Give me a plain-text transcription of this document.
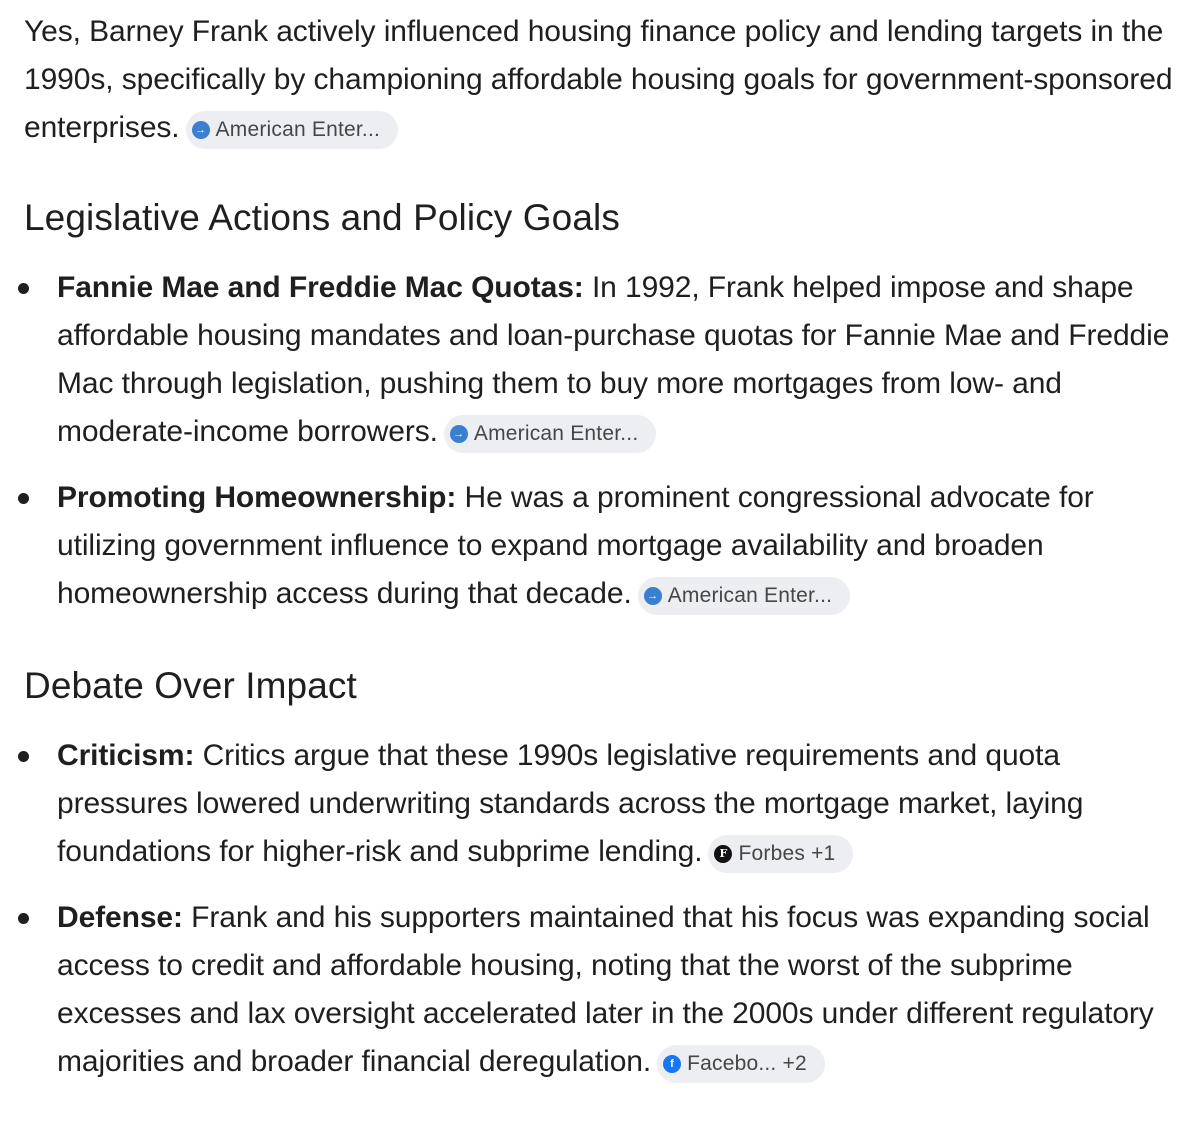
Yes, Barney Frank actively influenced housing finance policy and lending targets in the 1990s, specifically by championing affordable housing goals for government-sponsored enterprises.	→ American Enter...

Legislative Actions and Policy Goals
Fannie Mae and Freddie Mac Quotas: In 1992, Frank helped impose and shape affordable housing mandates and loan-purchase quotas for Fannie Mae and Freddie Mac through legislation, pushing them to buy more mortgages from low- and moderate-income borrowers.	→ American Enter...
Promoting Homeownership: He was a prominent congressional advocate for utilizing government influence to expand mortgage availability and broaden homeownership access during that decade.	→ American Enter...
Debate Over Impact
Criticism: Critics argue that these 1990s legislative requirements and quota pressures lowered underwriting standards across the mortgage market, laying foundations for higher-risk and subprime lending.	F Forbes +1
Defense: Frank and his supporters maintained that his focus was expanding social access to credit and affordable housing, noting that the worst of the subprime excesses and lax oversight accelerated later in the 2000s under different regulatory majorities and broader financial deregulation.	f Facebo... +2
